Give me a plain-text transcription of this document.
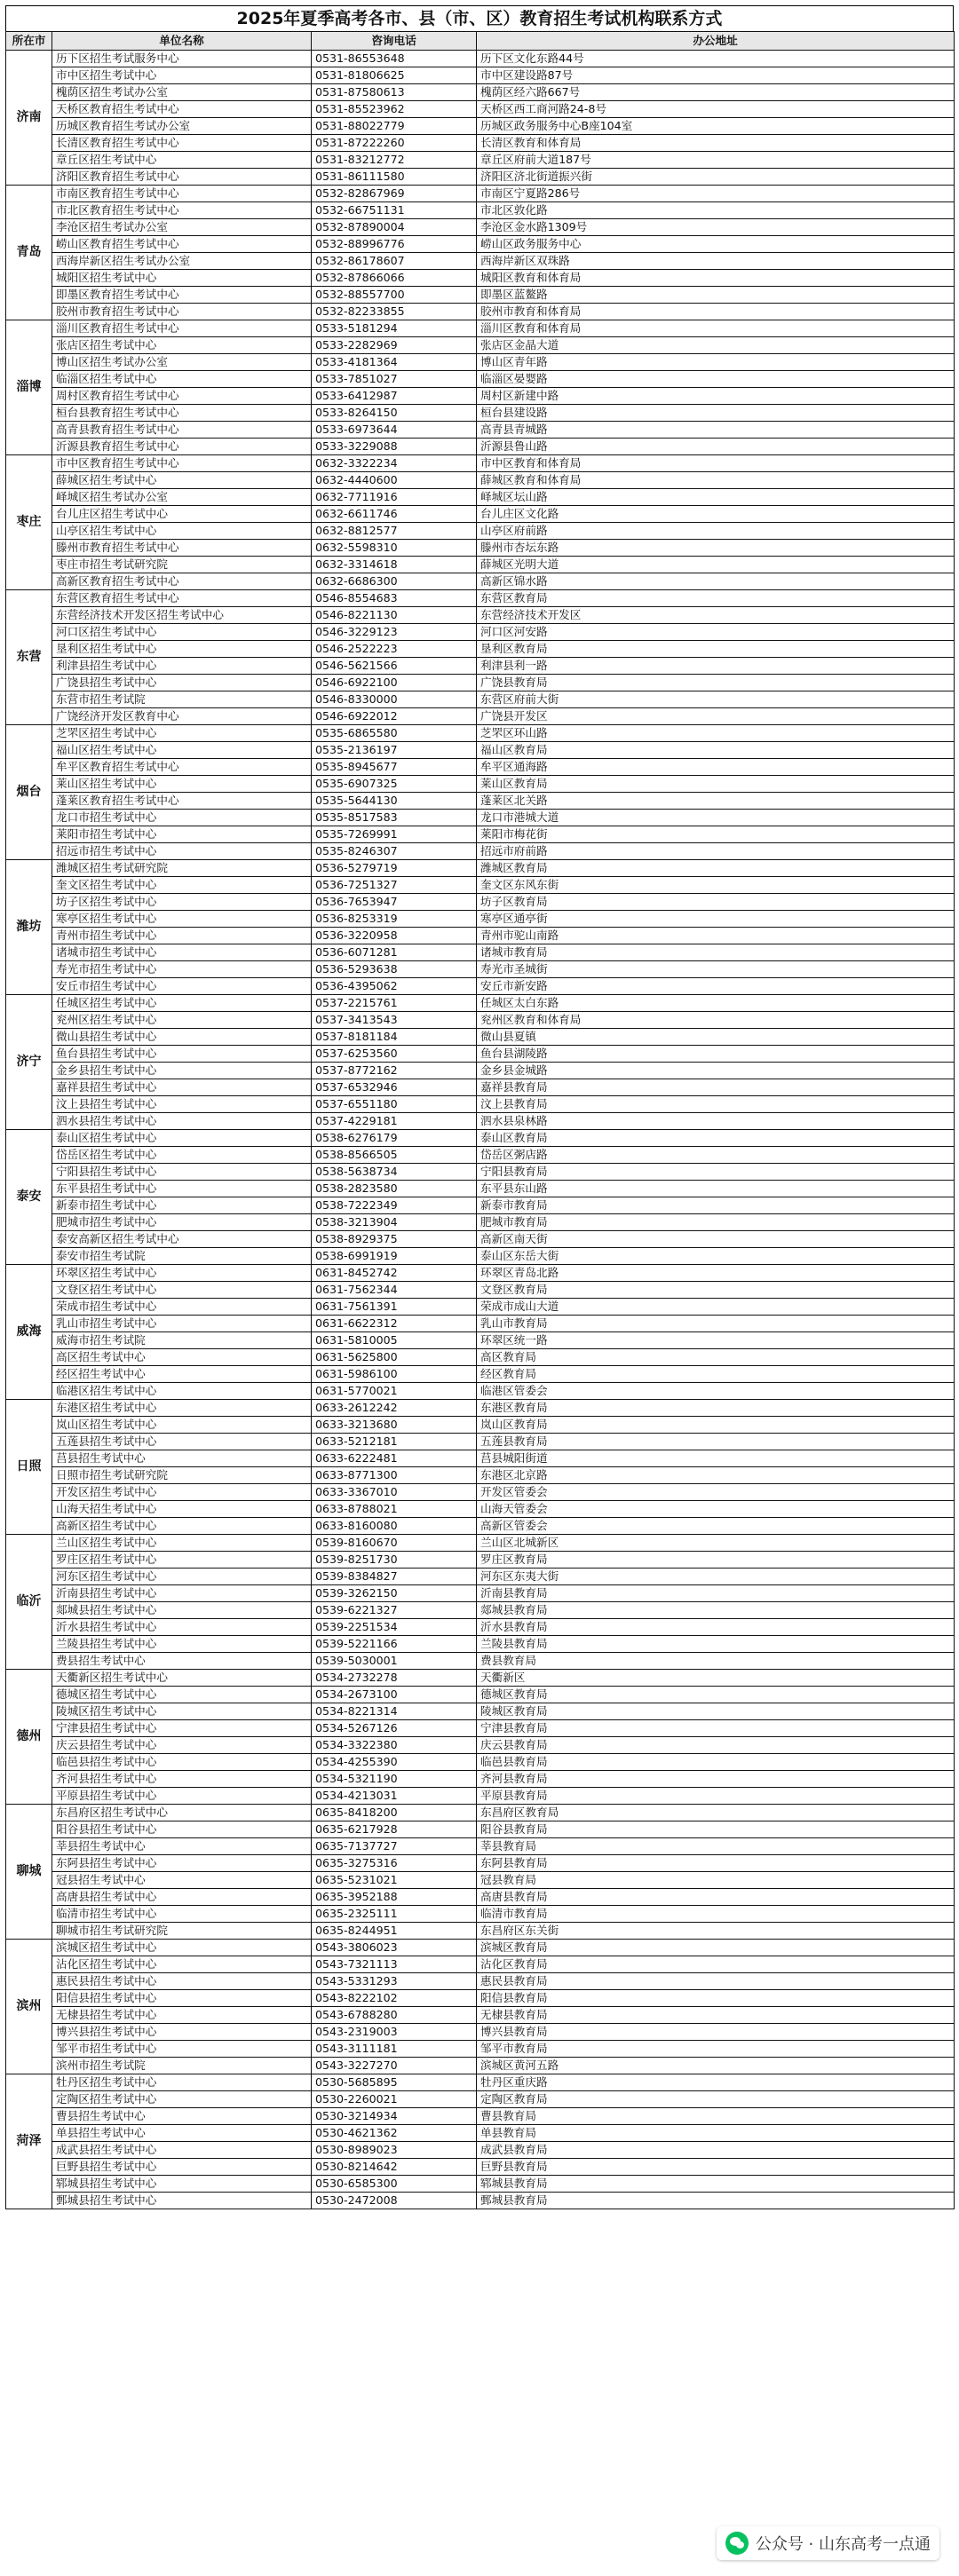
2025年夏季高考各市、县（市、区）教育招生考试机构联系方式
所在市	单位名称	咨询电话	办公地址
济南	历下区招生考试服务中心	0531-86553648	历下区文化东路44号
	市中区招生考试中心	0531-81806625	市中区建设路87号
	槐荫区招生考试办公室	0531-87580613	槐荫区经六路667号
	天桥区教育招生考试中心	0531-85523962	天桥区西工商河路24-8号
	历城区教育招生考试办公室	0531-88022779	历城区政务服务中心B座104室
	长清区教育招生考试中心	0531-87222260	长清区教育和体育局
	章丘区招生考试中心	0531-83212772	章丘区府前大道187号
	济阳区教育招生考试中心	0531-86111580	济阳区济北街道振兴街
青岛	市南区教育招生考试中心	0532-82867969	市南区宁夏路286号
	市北区教育招生考试中心	0532-66751131	市北区敦化路
	李沧区招生考试办公室	0532-87890004	李沧区金水路1309号
	崂山区教育招生考试中心	0532-88996776	崂山区政务服务中心
	西海岸新区招生考试办公室	0532-86178607	西海岸新区双珠路
	城阳区招生考试中心	0532-87866066	城阳区教育和体育局
	即墨区教育招生考试中心	0532-88557700	即墨区蓝鳌路
	胶州市教育招生考试中心	0532-82233855	胶州市教育和体育局
淄博	淄川区教育招生考试中心	0533-5181294	淄川区教育和体育局
	张店区招生考试中心	0533-2282969	张店区金晶大道
	博山区招生考试办公室	0533-4181364	博山区青年路
	临淄区招生考试中心	0533-7851027	临淄区晏婴路
	周村区教育招生考试中心	0533-6412987	周村区新建中路
	桓台县教育招生考试中心	0533-8264150	桓台县建设路
	高青县教育招生考试中心	0533-6973644	高青县青城路
	沂源县教育招生考试中心	0533-3229088	沂源县鲁山路
枣庄	市中区教育招生考试中心	0632-3322234	市中区教育和体育局
	薛城区招生考试中心	0632-4440600	薛城区教育和体育局
	峄城区招生考试办公室	0632-7711916	峄城区坛山路
	台儿庄区招生考试中心	0632-6611746	台儿庄区文化路
	山亭区招生考试中心	0632-8812577	山亭区府前路
	滕州市教育招生考试中心	0632-5598310	滕州市杏坛东路
	枣庄市招生考试研究院	0632-3314618	薛城区光明大道
	高新区教育招生考试中心	0632-6686300	高新区锦水路
东营	东营区教育招生考试中心	0546-8554683	东营区教育局
	东营经济技术开发区招生考试中心	0546-8221130	东营经济技术开发区
	河口区招生考试中心	0546-3229123	河口区河安路
	垦利区招生考试中心	0546-2522223	垦利区教育局
	利津县招生考试中心	0546-5621566	利津县利一路
	广饶县招生考试中心	0546-6922100	广饶县教育局
	东营市招生考试院	0546-8330000	东营区府前大街
	广饶经济开发区教育中心	0546-6922012	广饶县开发区
烟台	芝罘区招生考试中心	0535-6865580	芝罘区环山路
	福山区招生考试中心	0535-2136197	福山区教育局
	牟平区教育招生考试中心	0535-8945677	牟平区通海路
	莱山区招生考试中心	0535-6907325	莱山区教育局
	蓬莱区教育招生考试中心	0535-5644130	蓬莱区北关路
	龙口市招生考试中心	0535-8517583	龙口市港城大道
	莱阳市招生考试中心	0535-7269991	莱阳市梅花街
	招远市招生考试中心	0535-8246307	招远市府前路
潍坊	潍城区招生考试研究院	0536-5279719	潍城区教育局
	奎文区招生考试中心	0536-7251327	奎文区东风东街
	坊子区招生考试中心	0536-7653947	坊子区教育局
	寒亭区招生考试中心	0536-8253319	寒亭区通亭街
	青州市招生考试中心	0536-3220958	青州市驼山南路
	诸城市招生考试中心	0536-6071281	诸城市教育局
	寿光市招生考试中心	0536-5293638	寿光市圣城街
	安丘市招生考试中心	0536-4395062	安丘市新安路
济宁	任城区招生考试中心	0537-2215761	任城区太白东路
	兖州区招生考试中心	0537-3413543	兖州区教育和体育局
	微山县招生考试中心	0537-8181184	微山县夏镇
	鱼台县招生考试中心	0537-6253560	鱼台县湖陵路
	金乡县招生考试中心	0537-8772162	金乡县金城路
	嘉祥县招生考试中心	0537-6532946	嘉祥县教育局
	汶上县招生考试中心	0537-6551180	汶上县教育局
	泗水县招生考试中心	0537-4229181	泗水县泉林路
泰安	泰山区招生考试中心	0538-6276179	泰山区教育局
	岱岳区招生考试中心	0538-8566505	岱岳区粥店路
	宁阳县招生考试中心	0538-5638734	宁阳县教育局
	东平县招生考试中心	0538-2823580	东平县东山路
	新泰市招生考试中心	0538-7222349	新泰市教育局
	肥城市招生考试中心	0538-3213904	肥城市教育局
	泰安高新区招生考试中心	0538-8929375	高新区南天街
	泰安市招生考试院	0538-6991919	泰山区东岳大街
威海	环翠区招生考试中心	0631-8452742	环翠区青岛北路
	文登区招生考试中心	0631-7562344	文登区教育局
	荣成市招生考试中心	0631-7561391	荣成市成山大道
	乳山市招生考试中心	0631-6622312	乳山市教育局
	威海市招生考试院	0631-5810005	环翠区统一路
	高区招生考试中心	0631-5625800	高区教育局
	经区招生考试中心	0631-5986100	经区教育局
	临港区招生考试中心	0631-5770021	临港区管委会
日照	东港区招生考试中心	0633-2612242	东港区教育局
	岚山区招生考试中心	0633-3213680	岚山区教育局
	五莲县招生考试中心	0633-5212181	五莲县教育局
	莒县招生考试中心	0633-6222481	莒县城阳街道
	日照市招生考试研究院	0633-8771300	东港区北京路
	开发区招生考试中心	0633-3367010	开发区管委会
	山海天招生考试中心	0633-8788021	山海天管委会
	高新区招生考试中心	0633-8160080	高新区管委会
临沂	兰山区招生考试中心	0539-8160670	兰山区北城新区
	罗庄区招生考试中心	0539-8251730	罗庄区教育局
	河东区招生考试中心	0539-8384827	河东区东夷大街
	沂南县招生考试中心	0539-3262150	沂南县教育局
	郯城县招生考试中心	0539-6221327	郯城县教育局
	沂水县招生考试中心	0539-2251534	沂水县教育局
	兰陵县招生考试中心	0539-5221166	兰陵县教育局
	费县招生考试中心	0539-5030001	费县教育局
德州	天衢新区招生考试中心	0534-2732278	天衢新区
	德城区招生考试中心	0534-2673100	德城区教育局
	陵城区招生考试中心	0534-8221314	陵城区教育局
	宁津县招生考试中心	0534-5267126	宁津县教育局
	庆云县招生考试中心	0534-3322380	庆云县教育局
	临邑县招生考试中心	0534-4255390	临邑县教育局
	齐河县招生考试中心	0534-5321190	齐河县教育局
	平原县招生考试中心	0534-4213031	平原县教育局
聊城	东昌府区招生考试中心	0635-8418200	东昌府区教育局
	阳谷县招生考试中心	0635-6217928	阳谷县教育局
	莘县招生考试中心	0635-7137727	莘县教育局
	东阿县招生考试中心	0635-3275316	东阿县教育局
	冠县招生考试中心	0635-5231021	冠县教育局
	高唐县招生考试中心	0635-3952188	高唐县教育局
	临清市招生考试中心	0635-2325111	临清市教育局
	聊城市招生考试研究院	0635-8244951	东昌府区东关街
滨州	滨城区招生考试中心	0543-3806023	滨城区教育局
	沾化区招生考试中心	0543-7321113	沾化区教育局
	惠民县招生考试中心	0543-5331293	惠民县教育局
	阳信县招生考试中心	0543-8222102	阳信县教育局
	无棣县招生考试中心	0543-6788280	无棣县教育局
	博兴县招生考试中心	0543-2319003	博兴县教育局
	邹平市招生考试中心	0543-3111181	邹平市教育局
	滨州市招生考试院	0543-3227270	滨城区黄河五路
菏泽	牡丹区招生考试中心	0530-5685895	牡丹区重庆路
	定陶区招生考试中心	0530-2260021	定陶区教育局
	曹县招生考试中心	0530-3214934	曹县教育局
	单县招生考试中心	0530-4621362	单县教育局
	成武县招生考试中心	0530-8989023	成武县教育局
	巨野县招生考试中心	0530-8214642	巨野县教育局
	郓城县招生考试中心	0530-6585300	郓城县教育局
	鄄城县招生考试中心	0530-2472008	鄄城县教育局
公众号 · 山东高考一点通
